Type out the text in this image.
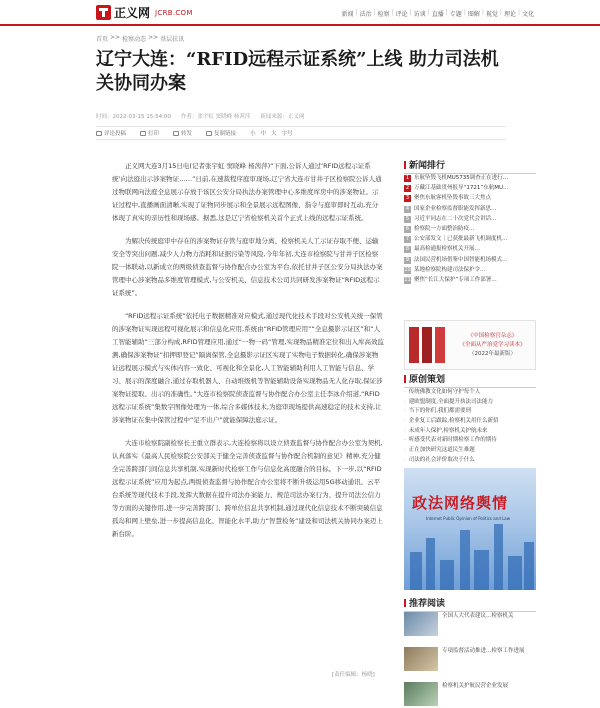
正义网 JCRB.COM	新闻 | 法治 | 检察 | 评论 | 访谈 | 直播 | 专题 | 图解 | 视觉 | 理论 | 文化
首页 >> 检察动态 >> 基层扶讯
辽宁大连：“RFID远程示证系统”上线 助力司法机关协同办案
时间：2022-03-15 15:54:00 作者：张宇虹 窦晓峰 杨茜萍 新闻来源：正义网
评论投稿	打印	转发	复制链接	小 中 大 字号

正义网大连3月15日电(记者张宇虹 窦晓峰 杨茜萍)“下面,公诉人通过‘RFID远程示证系统’向法庭出示涉案物证……”日前,在速裁程序庭审现场,辽宁省大连市甘井子区检察院公诉人通过物联网向法庭全息展示存放于该区公安分局执法办案管理中心多维度库房中的涉案物证。示证过程中,直播画面清晰,实现了证物同步展示和全景展示远程图像、指令与庭审即时互动,充分体现了真实的亲历性和现场感。据悉,这是辽宁省检察机关首个正式上线的远程示证系统。

为解决传统庭审中存在的涉案物证存管与庭审地分离、检察机关人工示证存取不便、运输安全等突出问题,减少人力物力消耗和证据污染等风险,今年年初,大连市检察院与甘井子区检察院一体联动,以新成立的两级侦查监督与协作配合办公室为平台,依托甘井子区公安分局执法办案管理中心涉案物品多维度管理模式,与公安机关、信息技术公司共同研发涉案物证“RFID远程示证系统”。

“RFID远程示证系统”依托电子数据精准对应模式,通过现代化技术手段对公安机关统一保管的涉案物证实现远程可视化展示和信息化应用,系统由“RFID管理应用”“全息摄影示证区”和“人工智能辅助”三部分构成,RFID管理应用,通过“一物一码”管理,实现物品精准定位和出入库高效监测,确保涉案物证“扣押即登记”隔离保管,全息摄影示证区实现了实物电子数据转化,确保涉案物证远程展示模式与实体内容一致化、可视化和全景化,人工智能辅助利用人工智能与信息、学习、展示的深度融合,通过存取机器人、自动堆级机等智能辅助设备实现物品无人化存取,保证涉案物证提取、出示的准确性。”大连市检察院侦查监督与协作配合办公室主任李冰介绍道,“RFID远程示证系统”集数字图像处理为一体,综合多媒体技术,为庭审现场提供高速稳定的技术支持,让涉案物证在集中保管过程中“足不出户”就能保障法庭示证。

大连市检察院副检察长王重立群表示,大连检察将以设立侦查监督与协作配合办公室为契机,认真落实《最高人民检察院公安部关于健全完善侦查监督与协作配合机制的意见》精神,充分健全完善跨部门间信息共享机制,实现新时代检察工作与信息化高度融合的目标。下一步,以“RFID远程示证系统”应用为起点,两级侦查监督与协作配合办公室将不断升级运用5G移动通讯、云平台系统等现代技术手段,发挥大数据在提升司法办案能力、规范司法办案行为、提升司法公信力等方面的关键作用,进一步完善跨部门、跨单位信息共享机制,通过现代化信息技术不断突破信息孤岛和网上壁垒,进一步提高信息化、智能化水平,助力“智慧检务”建设和司法机关协同办案迈上新台阶。

[责任编辑：杨晓]
新闻排行
1 东航坠毁飞机MU5735调查正在进行…
2 万藏江基础贯州报导“1721”东航MU…
3 聚焦东航客机坠毁事故三大焦点
4 国家企业检察监督职能发挥新思…
5 习近平同志在二十次党代会讲话…
6 检察院一方面整治防疫…
7 公安部发文｜已获批最新飞机调度机…
8 最高检通报检察机关开展…
9 法国民营机场借鉴中国智能机场模式…
10 某地检察院构建司法保护令…
11 聚焦“长江大保护”专项工作部署…
《中国检察官杂志》
《全面从严治党学习读本》
（2022年最新版）
原创策划
· 传统佛教文化如何守护每个人
· 建欧盟制度,全面提升执法司法能力
· 当下的你们,我们都需要刑
· 企业复工后跟踪,检察机关用什么新招
· 未成年人保护,检察机关护航未来
· 听感受代表对新时期检察工作的期待
· 正在加快研究这道民生难题
· 司法的社会评价取决于什么
政法网络舆情
Internet Public Opinion of Politics and Law
推荐阅读
全国人大代表建议…检察机关
专项监督活动推进…检察工作进展
检察机关护航民营企业发展
